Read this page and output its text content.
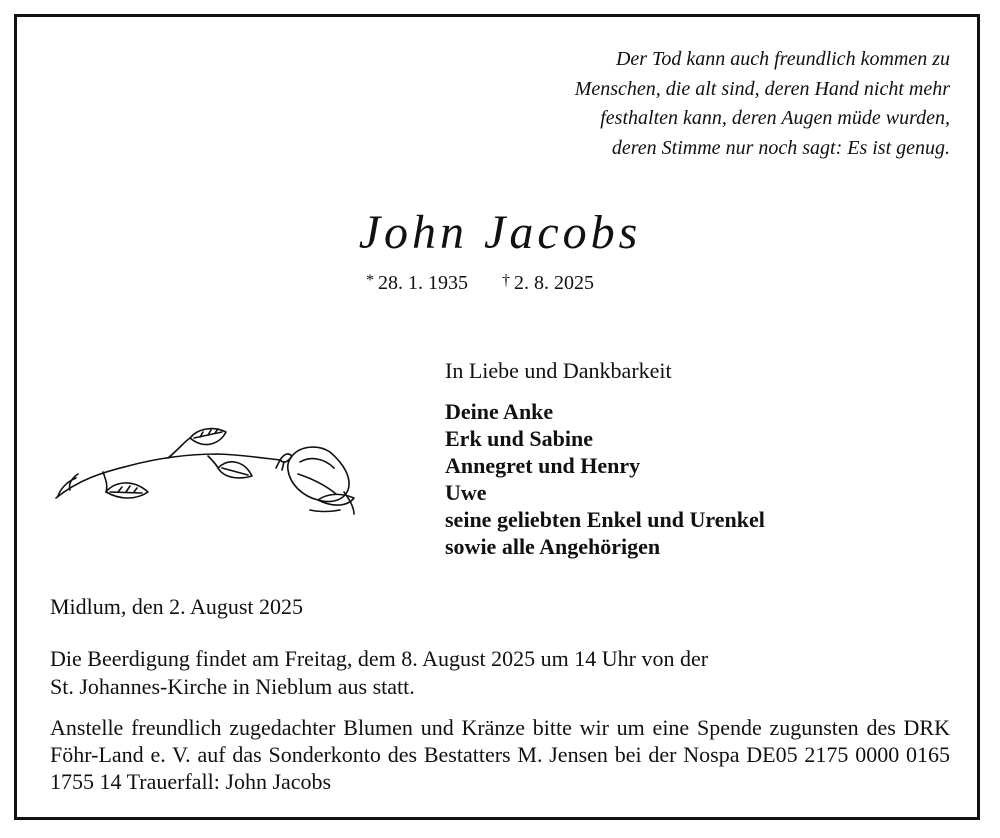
Der Tod kann auch freundlich kommen zu
Menschen, die alt sind, deren Hand nicht mehr
festhalten kann, deren Augen müde wurden,
deren Stimme nur noch sagt: Es ist genug.
John Jacobs
* 28. 1. 1935 † 2. 8. 2025
In Liebe und Dankbarkeit
Deine Anke
Erk und Sabine
Annegret und Henry
Uwe
seine geliebten Enkel und Urenkel
sowie alle Angehörigen
Midlum, den 2. August 2025
Die Beerdigung findet am Freitag, dem 8. August 2025 um 14 Uhr von der
St. Johannes-Kirche in Nieblum aus statt.
Anstelle freundlich zugedachter Blumen und Kränze bitte wir um eine Spende zugunsten des DRK Föhr-Land e. V. auf das Sonderkonto des Bestatters M. Jensen bei der Nospa DE05 2175 0000 0165 1755 14 Trauerfall: John Jacobs
